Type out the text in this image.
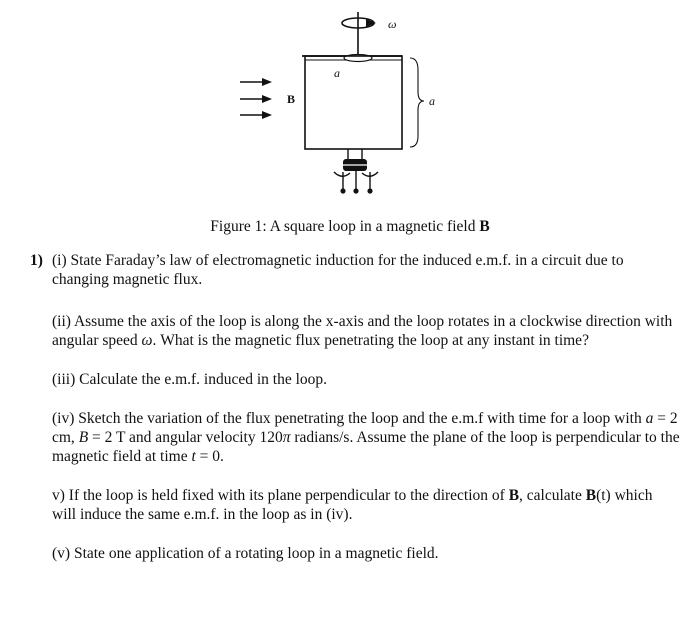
ω
a
a
B
Figure 1: A square loop in a magnetic field B
1) (i) State Faraday’s law of electromagnetic induction for the induced e.m.f. in a circuit due to changing magnetic flux.

(ii) Assume the axis of the loop is along the x-axis and the loop rotates in a clockwise direction with angular speed ω. What is the magnetic flux penetrating the loop at any instant in time?

(iii) Calculate the e.m.f. induced in the loop.

(iv) Sketch the variation of the flux penetrating the loop and the e.m.f with time for a loop with a = 2 cm, B = 2 T and angular velocity 120π radians/s. Assume the plane of the loop is perpendicular to the magnetic field at time t = 0.

v) If the loop is held fixed with its plane perpendicular to the direction of B, calculate B(t) which will induce the same e.m.f. in the loop as in (iv).

(v) State one application of a rotating loop in a magnetic field.
